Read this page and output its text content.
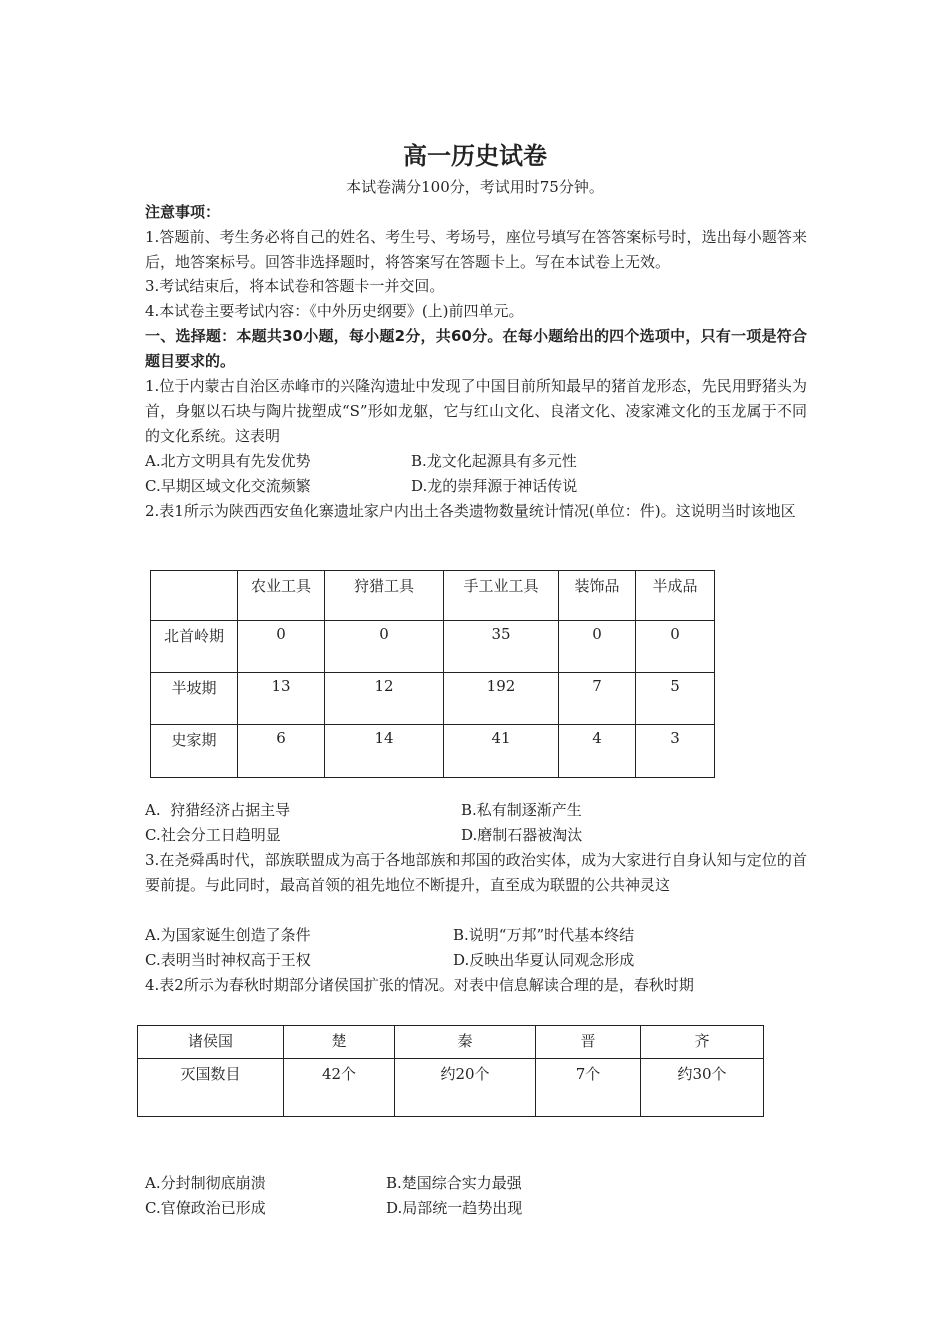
高一历史试卷
本试卷满分100分，考试用时75分钟。
注意事项：
1.答题前、考生务必将自己的姓名、考生号、考场号，座位号填写在答答案标号时，选出每小题答来后，地答案标号。回答非选择题时，将答案写在答题卡上。写在本试卷上无效。
3.考试结束后，将本试卷和答题卡一并交回。
4.本试卷主要考试内容：《中外历史纲要》(上)前四单元。
一、选择题：本题共30小题，每小题2分，共60分。在每小题给出的四个选项中，只有一项是符合题目要求的。
1.位于内蒙古自治区赤峰市的兴隆沟遗址中发现了中国目前所知最早的猪首龙形态，先民用野猪头为首，身躯以石块与陶片拢塑成“S”形如龙躯，它与红山文化、良渚文化、凌家滩文化的玉龙属于不同的文化系统。这表明
A.北方文明具有先发优势	B.龙文化起源具有多元性
C.早期区域文化交流频繁	D.龙的崇拜源于神话传说
2.表1所示为陕西西安鱼化寨遗址家户内出土各类遗物数量统计情况(单位：件)。这说明当时该地区
	农业工具	狩猎工具	手工业工具	装饰品	半成品
北首岭期	0	0	35	0	0
半坡期	13	12	192	7	5
史家期	6	14	41	4	3
A.  狩猎经济占据主导	B.私有制逐渐产生
C.社会分工日趋明显	D.磨制石器被淘汰
3.在尧舜禹时代，部族联盟成为高于各地部族和邦国的政治实体，成为大家进行自身认知与定位的首要前提。与此同时，最高首领的祖先地位不断提升，直至成为联盟的公共神灵这
A.为国家诞生创造了条件	B.说明“万邦”时代基本终结
C.表明当时神权高于王权	D.反映出华夏认同观念形成
4.表2所示为春秋时期部分诸侯国扩张的情况。对表中信息解读合理的是，春秋时期
诸侯国	楚	秦	晋	齐
灭国数目	42个	约20个	7个	约30个
A.分封制彻底崩溃	B.楚国综合实力最强
C.官僚政治已形成	D.局部统一趋势出现
